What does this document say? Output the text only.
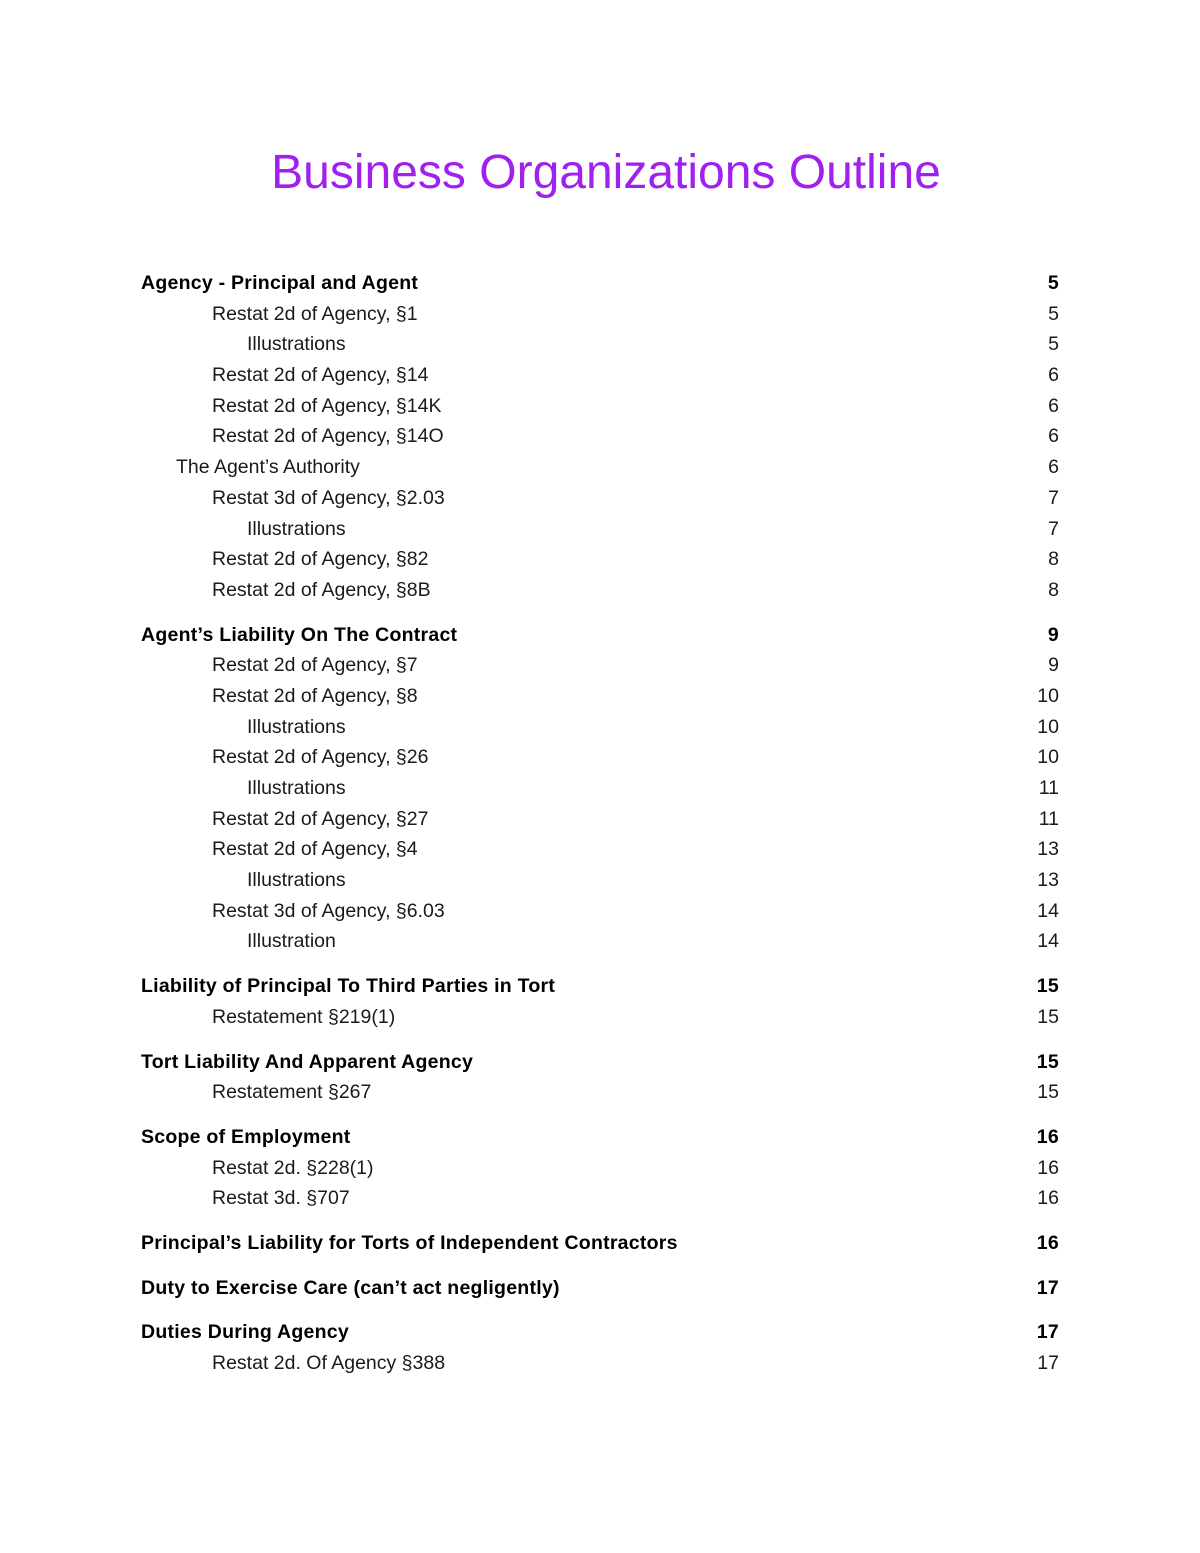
Business Organizations Outline
Agency - Principal and Agent	5
Restat 2d of Agency, §1	5
Illustrations	5
Restat 2d of Agency, §14	6
Restat 2d of Agency, §14K	6
Restat 2d of Agency, §14O	6
The Agent’s Authority	6
Restat 3d of Agency, §2.03	7
Illustrations	7
Restat 2d of Agency, §82	8
Restat 2d of Agency, §8B	8
Agent’s Liability On The Contract	9
Restat 2d of Agency, §7	9
Restat 2d of Agency, §8	10
Illustrations	10
Restat 2d of Agency, §26	10
Illustrations	11
Restat 2d of Agency, §27	11
Restat 2d of Agency, §4	13
Illustrations	13
Restat 3d of Agency, §6.03	14
Illustration	14
Liability of Principal To Third Parties in Tort	15
Restatement §219(1)	15
Tort Liability And Apparent Agency	15
Restatement §267	15
Scope of Employment	16
Restat 2d. §228(1)	16
Restat 3d. §707	16
Principal’s Liability for Torts of Independent Contractors	16
Duty to Exercise Care (can’t act negligently)	17
Duties During Agency	17
Restat 2d. Of Agency §388	17
